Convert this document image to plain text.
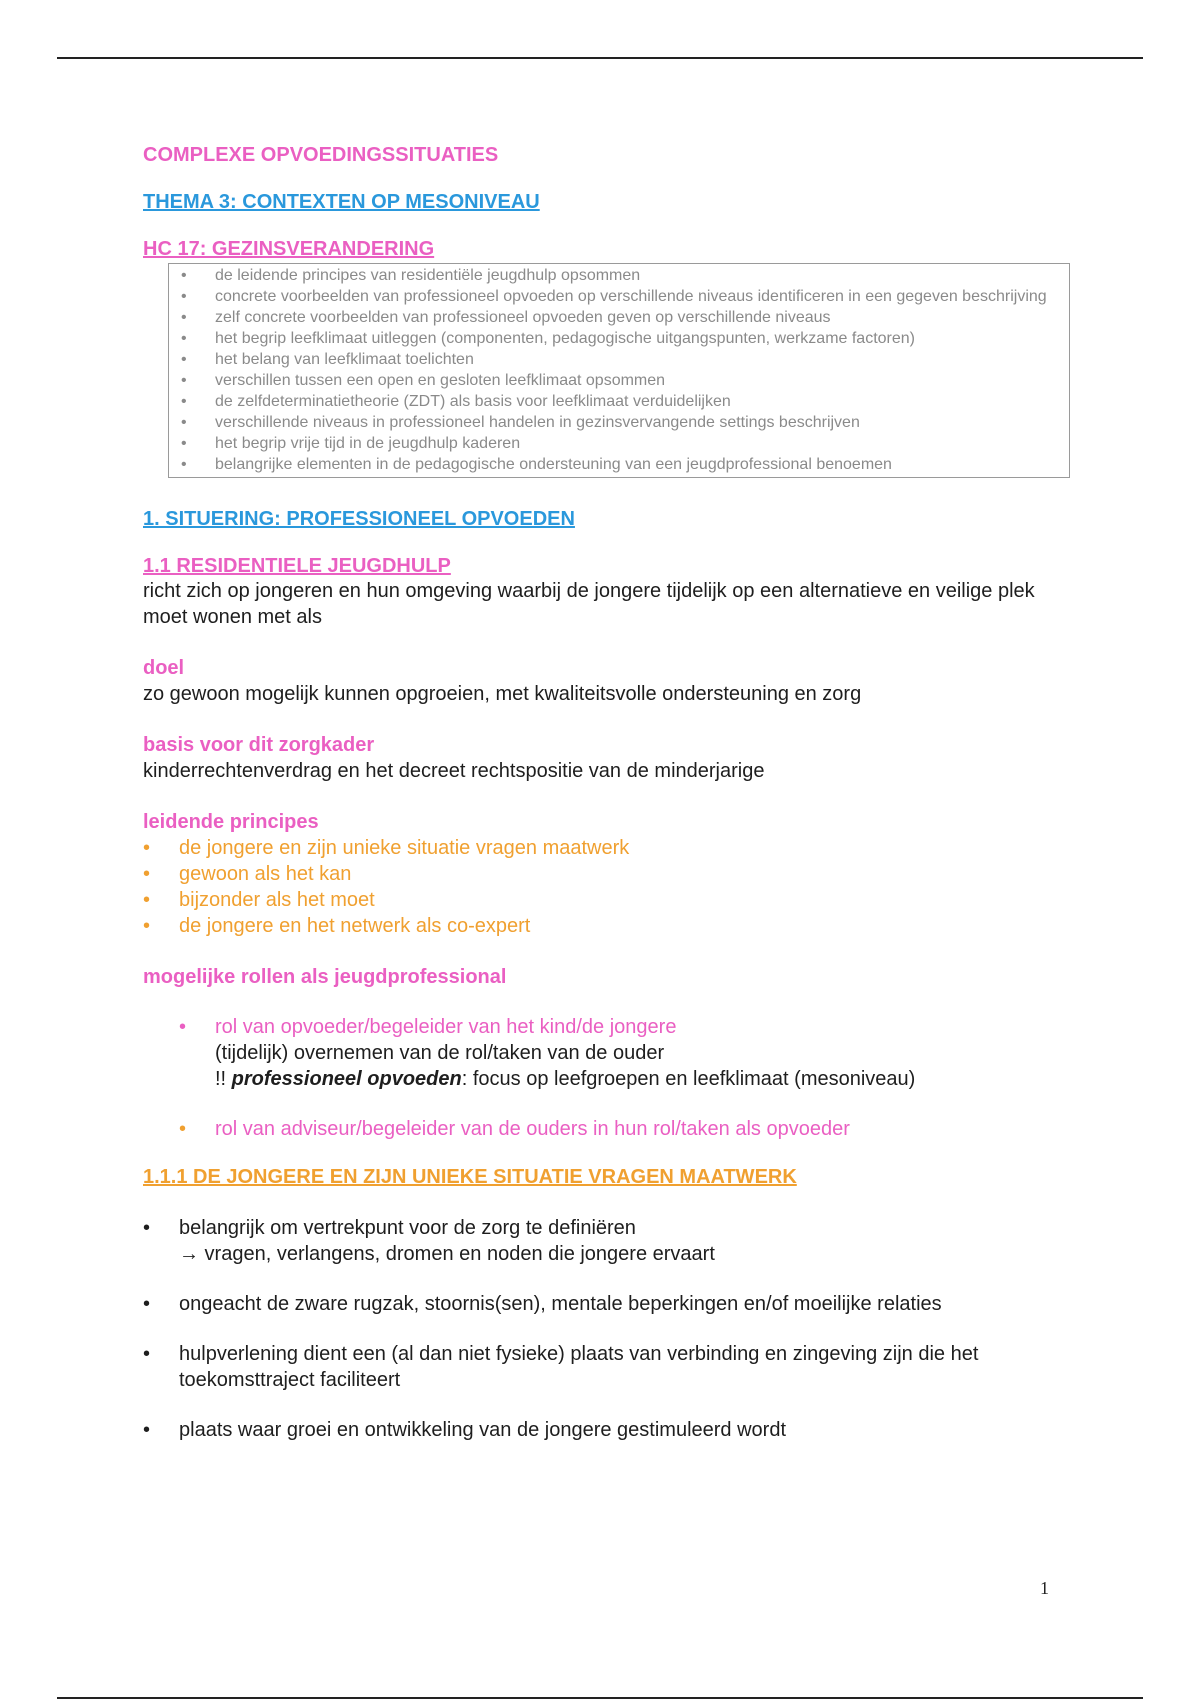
COMPLEXE OPVOEDINGSSITUATIES
THEMA 3: CONTEXTEN OP MESONIVEAU
HC 17: GEZINSVERANDERING
• de leidende principes van residentiële jeugdhulp opsommen
• concrete voorbeelden van professioneel opvoeden op verschillende niveaus identificeren in een gegeven beschrijving
• zelf concrete voorbeelden van professioneel opvoeden geven op verschillende niveaus
• het begrip leefklimaat uitleggen (componenten, pedagogische uitgangspunten, werkzame factoren)
• het belang van leefklimaat toelichten
• verschillen tussen een open en gesloten leefklimaat opsommen
• de zelfdeterminatietheorie (ZDT) als basis voor leefklimaat verduidelijken
• verschillende niveaus in professioneel handelen in gezinsvervangende settings beschrijven
• het begrip vrije tijd in de jeugdhulp kaderen
• belangrijke elementen in de pedagogische ondersteuning van een jeugdprofessional benoemen
1. SITUERING: PROFESSIONEEL OPVOEDEN
1.1 RESIDENTIELE JEUGDHULP
richt zich op jongeren en hun omgeving waarbij de jongere tijdelijk op een alternatieve en veilige plek moet wonen met als
doel
zo gewoon mogelijk kunnen opgroeien, met kwaliteitsvolle ondersteuning en zorg
basis voor dit zorgkader
kinderrechtenverdrag en het decreet rechtspositie van de minderjarige
leidende principes
• de jongere en zijn unieke situatie vragen maatwerk
• gewoon als het kan
• bijzonder als het moet
• de jongere en het netwerk als co-expert
mogelijke rollen als jeugdprofessional
• rol van opvoeder/begeleider van het kind/de jongere
(tijdelijk) overnemen van de rol/taken van de ouder
!! professioneel opvoeden: focus op leefgroepen en leefklimaat (mesoniveau)
• rol van adviseur/begeleider van de ouders in hun rol/taken als opvoeder
1.1.1 DE JONGERE EN ZIJN UNIEKE SITUATIE VRAGEN MAATWERK
• belangrijk om vertrekpunt voor de zorg te definiëren
→ vragen, verlangens, dromen en noden die jongere ervaart
• ongeacht de zware rugzak, stoornis(sen), mentale beperkingen en/of moeilijke relaties
• hulpverlening dient een (al dan niet fysieke) plaats van verbinding en zingeving zijn die het toekomsttraject faciliteert
• plaats waar groei en ontwikkeling van de jongere gestimuleerd wordt
1
